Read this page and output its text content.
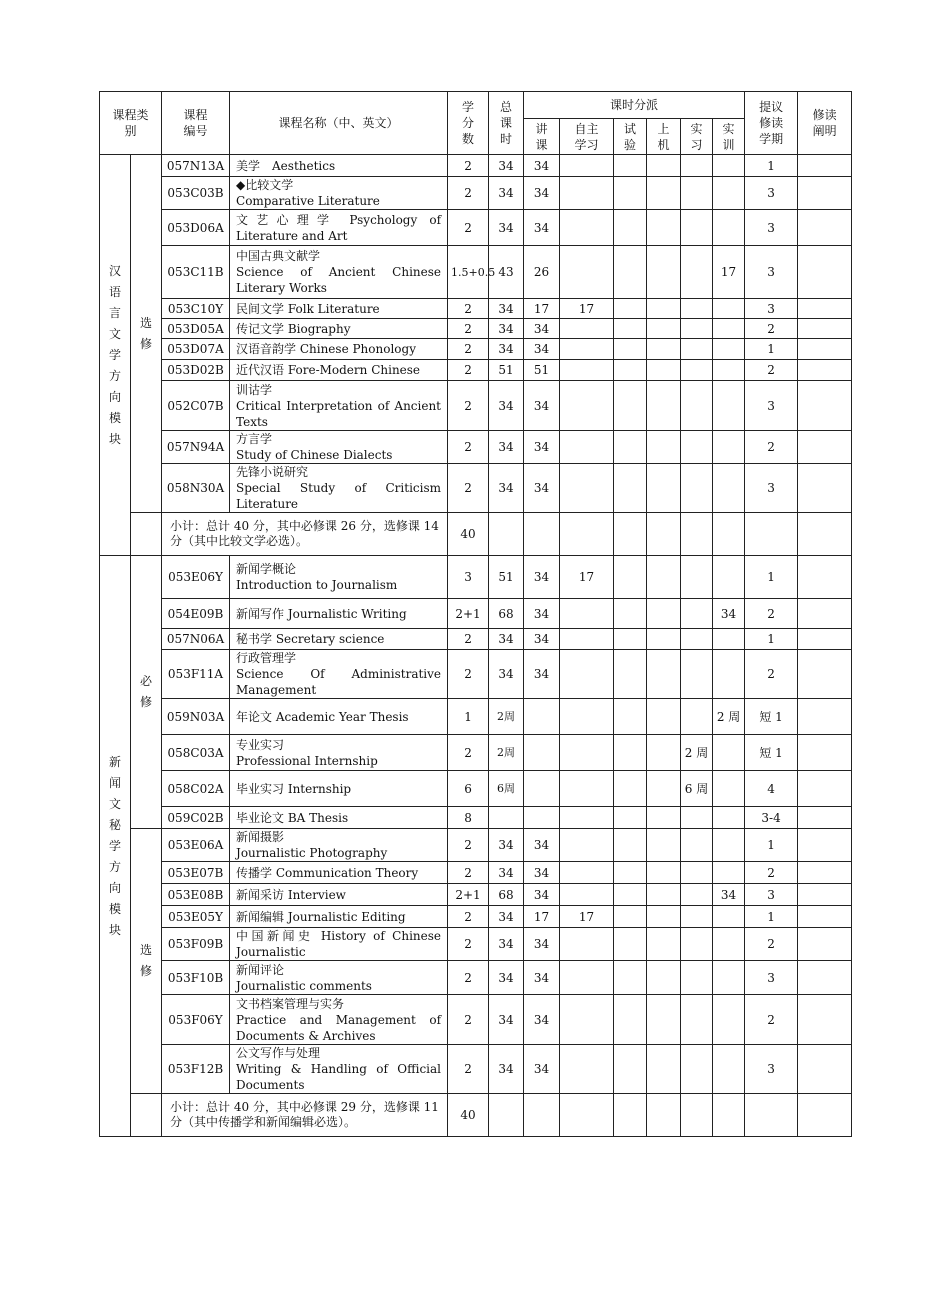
课程类别		课程编号	课程名称（中、英文）	学分数	总课时	课时分派						提议修读学期	修读阐明
						讲课	自主学习	试验	上机	实习	实训		

汉语言文学方向模块	选修	057N13A	美学　Aesthetics	2	34	34						1	
		053C03B	◆比较文学
Comparative Literature	2	34	34						3	
		053D06A	文艺心理学 Psychology of Literature and Art	2	34	34						3	
		053C11B	中国古典文献学
Science of Ancient Chinese Literary Works	1.5+0.5	43	26					17	3	
		053C10Y	民间文学 Folk Literature	2	34	17	17					3	
		053D05A	传记文学 Biography	2	34	34						2	
		053D07A	汉语音韵学 Chinese Phonology	2	34	34						1	
		053D02B	近代汉语 Fore-Modern Chinese	2	51	51						2	
		052C07B	训诂学
Critical Interpretation of Ancient Texts	2	34	34						3	
		057N94A	方言学
Study of Chinese Dialects	2	34	34						2	
		058N30A	先锋小说研究
Special Study of Criticism Literature	2	34	34						3	
		小计：总计 40 分，其中必修课 26 分，选修课 14 分（其中比较文学必选）。		40									

新闻文秘学方向模块	必修	053E06Y	新闻学概论
Introduction to Journalism	3	51	34	17					1	
		054E09B	新闻写作 Journalistic Writing	2+1	68	34					34	2	
		057N06A	秘书学 Secretary science	2	34	34						1	
		053F11A	行政管理学
Science Of Administrative Management	2	34	34						2	
		059N03A	年论文 Academic Year Thesis	1	2周						2 周	短 1	
		058C03A	专业实习
Professional Internship	2	2周					2 周		短 1	
		058C02A	毕业实习 Internship	6	6周					6 周		4	
		059C02B	毕业论文 BA Thesis	8								3-4	

	选修	053E06A	新闻摄影
Journalistic Photography	2	34	34						1	
		053E07B	传播学 Communication Theory	2	34	34						2	
		053E08B	新闻采访 Interview	2+1	68	34					34	3	
		053E05Y	新闻编辑 Journalistic Editing	2	34	17	17					1	
		053F09B	中国新闻史 History of Chinese Journalistic	2	34	34						2	
		053F10B	新闻评论
Journalistic comments	2	34	34						3	
		053F06Y	文书档案管理与实务
Practice and Management of Documents & Archives	2	34	34						2	
		053F12B	公文写作与处理
Writing & Handling of Official Documents	2	34	34						3	
		小计：总计 40 分，其中必修课 29 分，选修课 11 分（其中传播学和新闻编辑必选）。		40									
